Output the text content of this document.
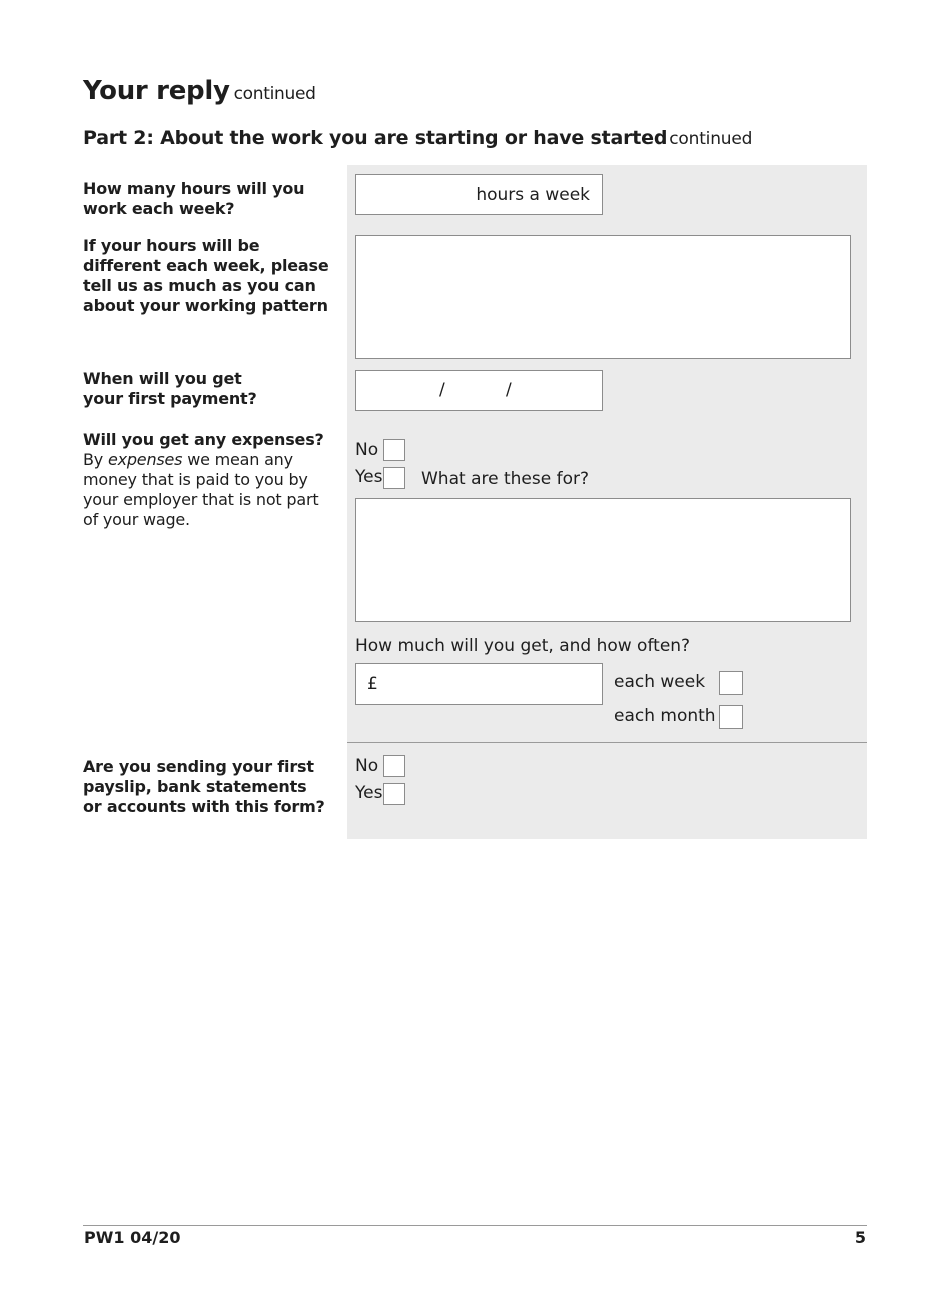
Your reply continued
Part 2: About the work you are starting or have started continued
How many hours will you work each week?
hours a week
If your hours will be different each week, please tell us as much as you can about your working pattern
When will you get your first payment?	/	/
Will you get any expenses?
By expenses we mean any money that is paid to you by your employer that is not part of your wage.
No
Yes What are these for?
How much will you get, and how often?
£	each week
each month
Are you sending your first payslip, bank statements or accounts with this form?
No
Yes
PW1 04/20	5
